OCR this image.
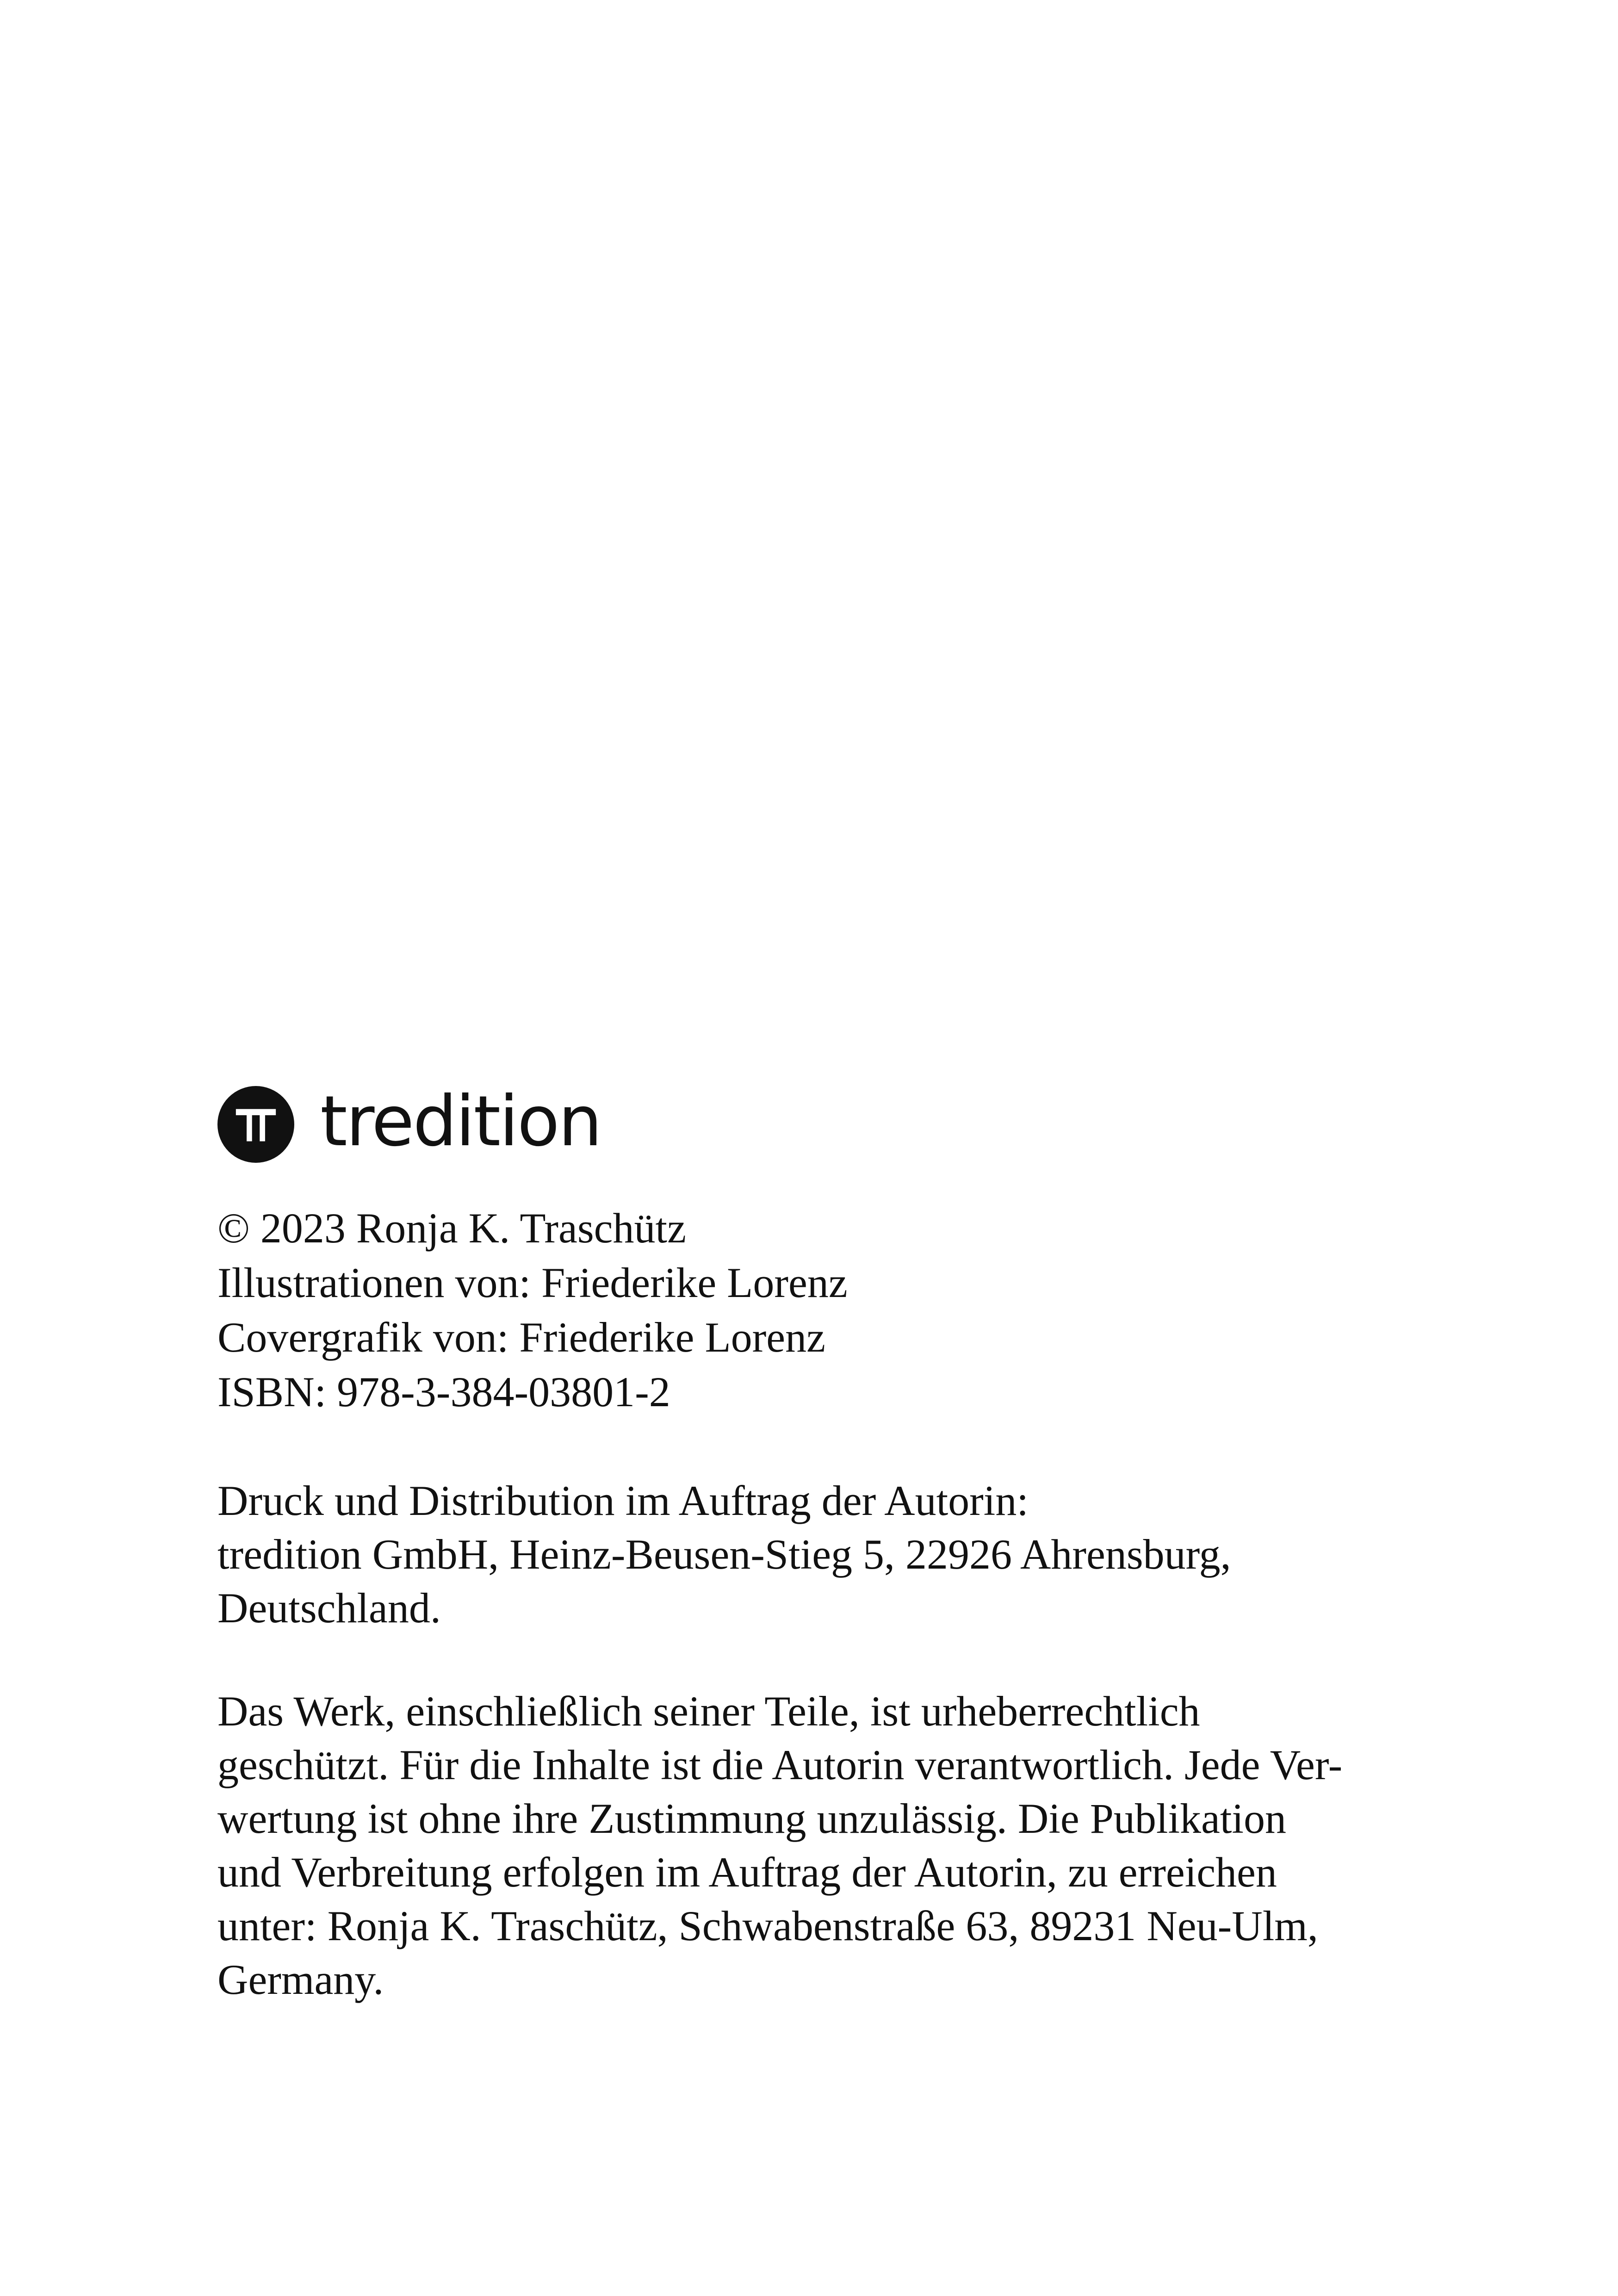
tredition
© 2023 Ronja K. Traschütz
Illustrationen von: Friederike Lorenz
Covergrafik von: Friederike Lorenz
ISBN: 978-3-384-03801-2
Druck und Distribution im Auftrag der Autorin:
tredition GmbH, Heinz-Beusen-Stieg 5, 22926 Ahrensburg,
Deutschland.
Das Werk, einschließlich seiner Teile, ist urheberrechtlich
geschützt. Für die Inhalte ist die Autorin verantwortlich. Jede Ver-
wertung ist ohne ihre Zustimmung unzulässig. Die Publikation
und Verbreitung erfolgen im Auftrag der Autorin, zu erreichen
unter: Ronja K. Traschütz, Schwabenstraße 63, 89231 Neu-Ulm,
Germany.
